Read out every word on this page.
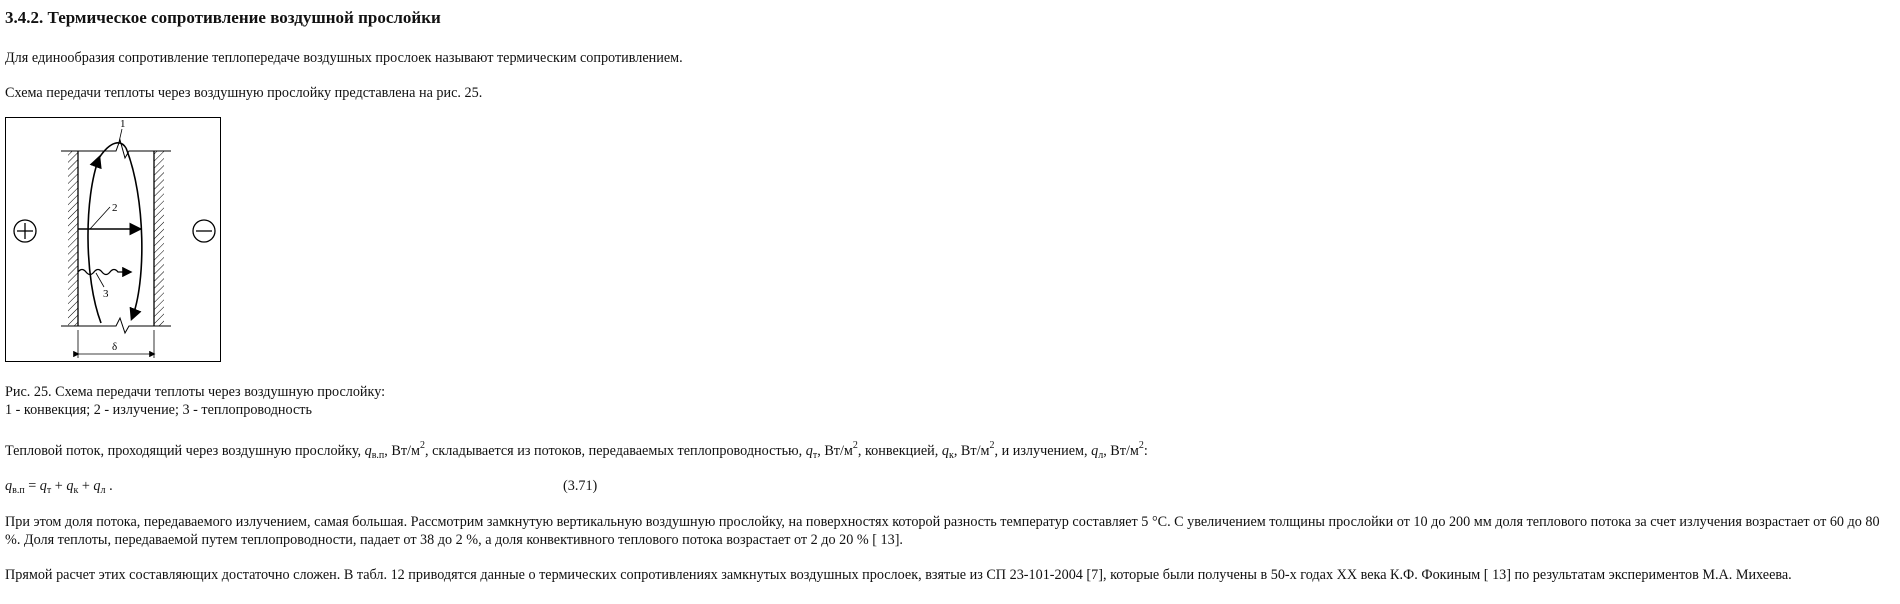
3.4.2. Термическое сопротивление воздушной прослойки

Для единообразия сопротивление теплопередаче воздушных прослоек называют термическим сопротивлением.

Схема передачи теплоты через воздушную прослойку представлена на рис. 25.

1
2
3
δ

Рис. 25. Схема передачи теплоты через воздушную прослойку:

1 - конвекция; 2 - излучение; 3 - теплопроводность

Тепловой поток, проходящий через воздушную прослойку, $q_{в.п}$, $Вт/м^2$, складывается из потоков, передаваемых теплопроводностью, $q_т$, $Вт/м^2$, конвекцией, $q_к$, $Вт/м^2$, и излучением, $q_л$, $Вт/м^2$:

$q_{в.п} = q_т + q_к + q_л$ .	(3.71)

При этом доля потока, передаваемого излучением, самая большая. Рассмотрим замкнутую вертикальную воздушную прослойку, на поверхностях которой разность температур составляет 5 °С. С увеличением толщины прослойки от 10 до 200 мм доля теплового потока за счет излучения возрастает от 60 до 80 %. Доля теплоты, передаваемой путем теплопроводности, падает от 38 до 2 %, а доля конвективного теплового потока возрастает от 2 до 20 % [ 13].

Прямой расчет этих составляющих достаточно сложен. В табл. 12 приводятся данные о термических сопротивлениях замкнутых воздушных прослоек, взятые из СП 23-101-2004 [7], которые были получены в 50-х годах XX века К.Ф. Фокиным [ 13] по результатам экспериментов М.А. Михеева.
